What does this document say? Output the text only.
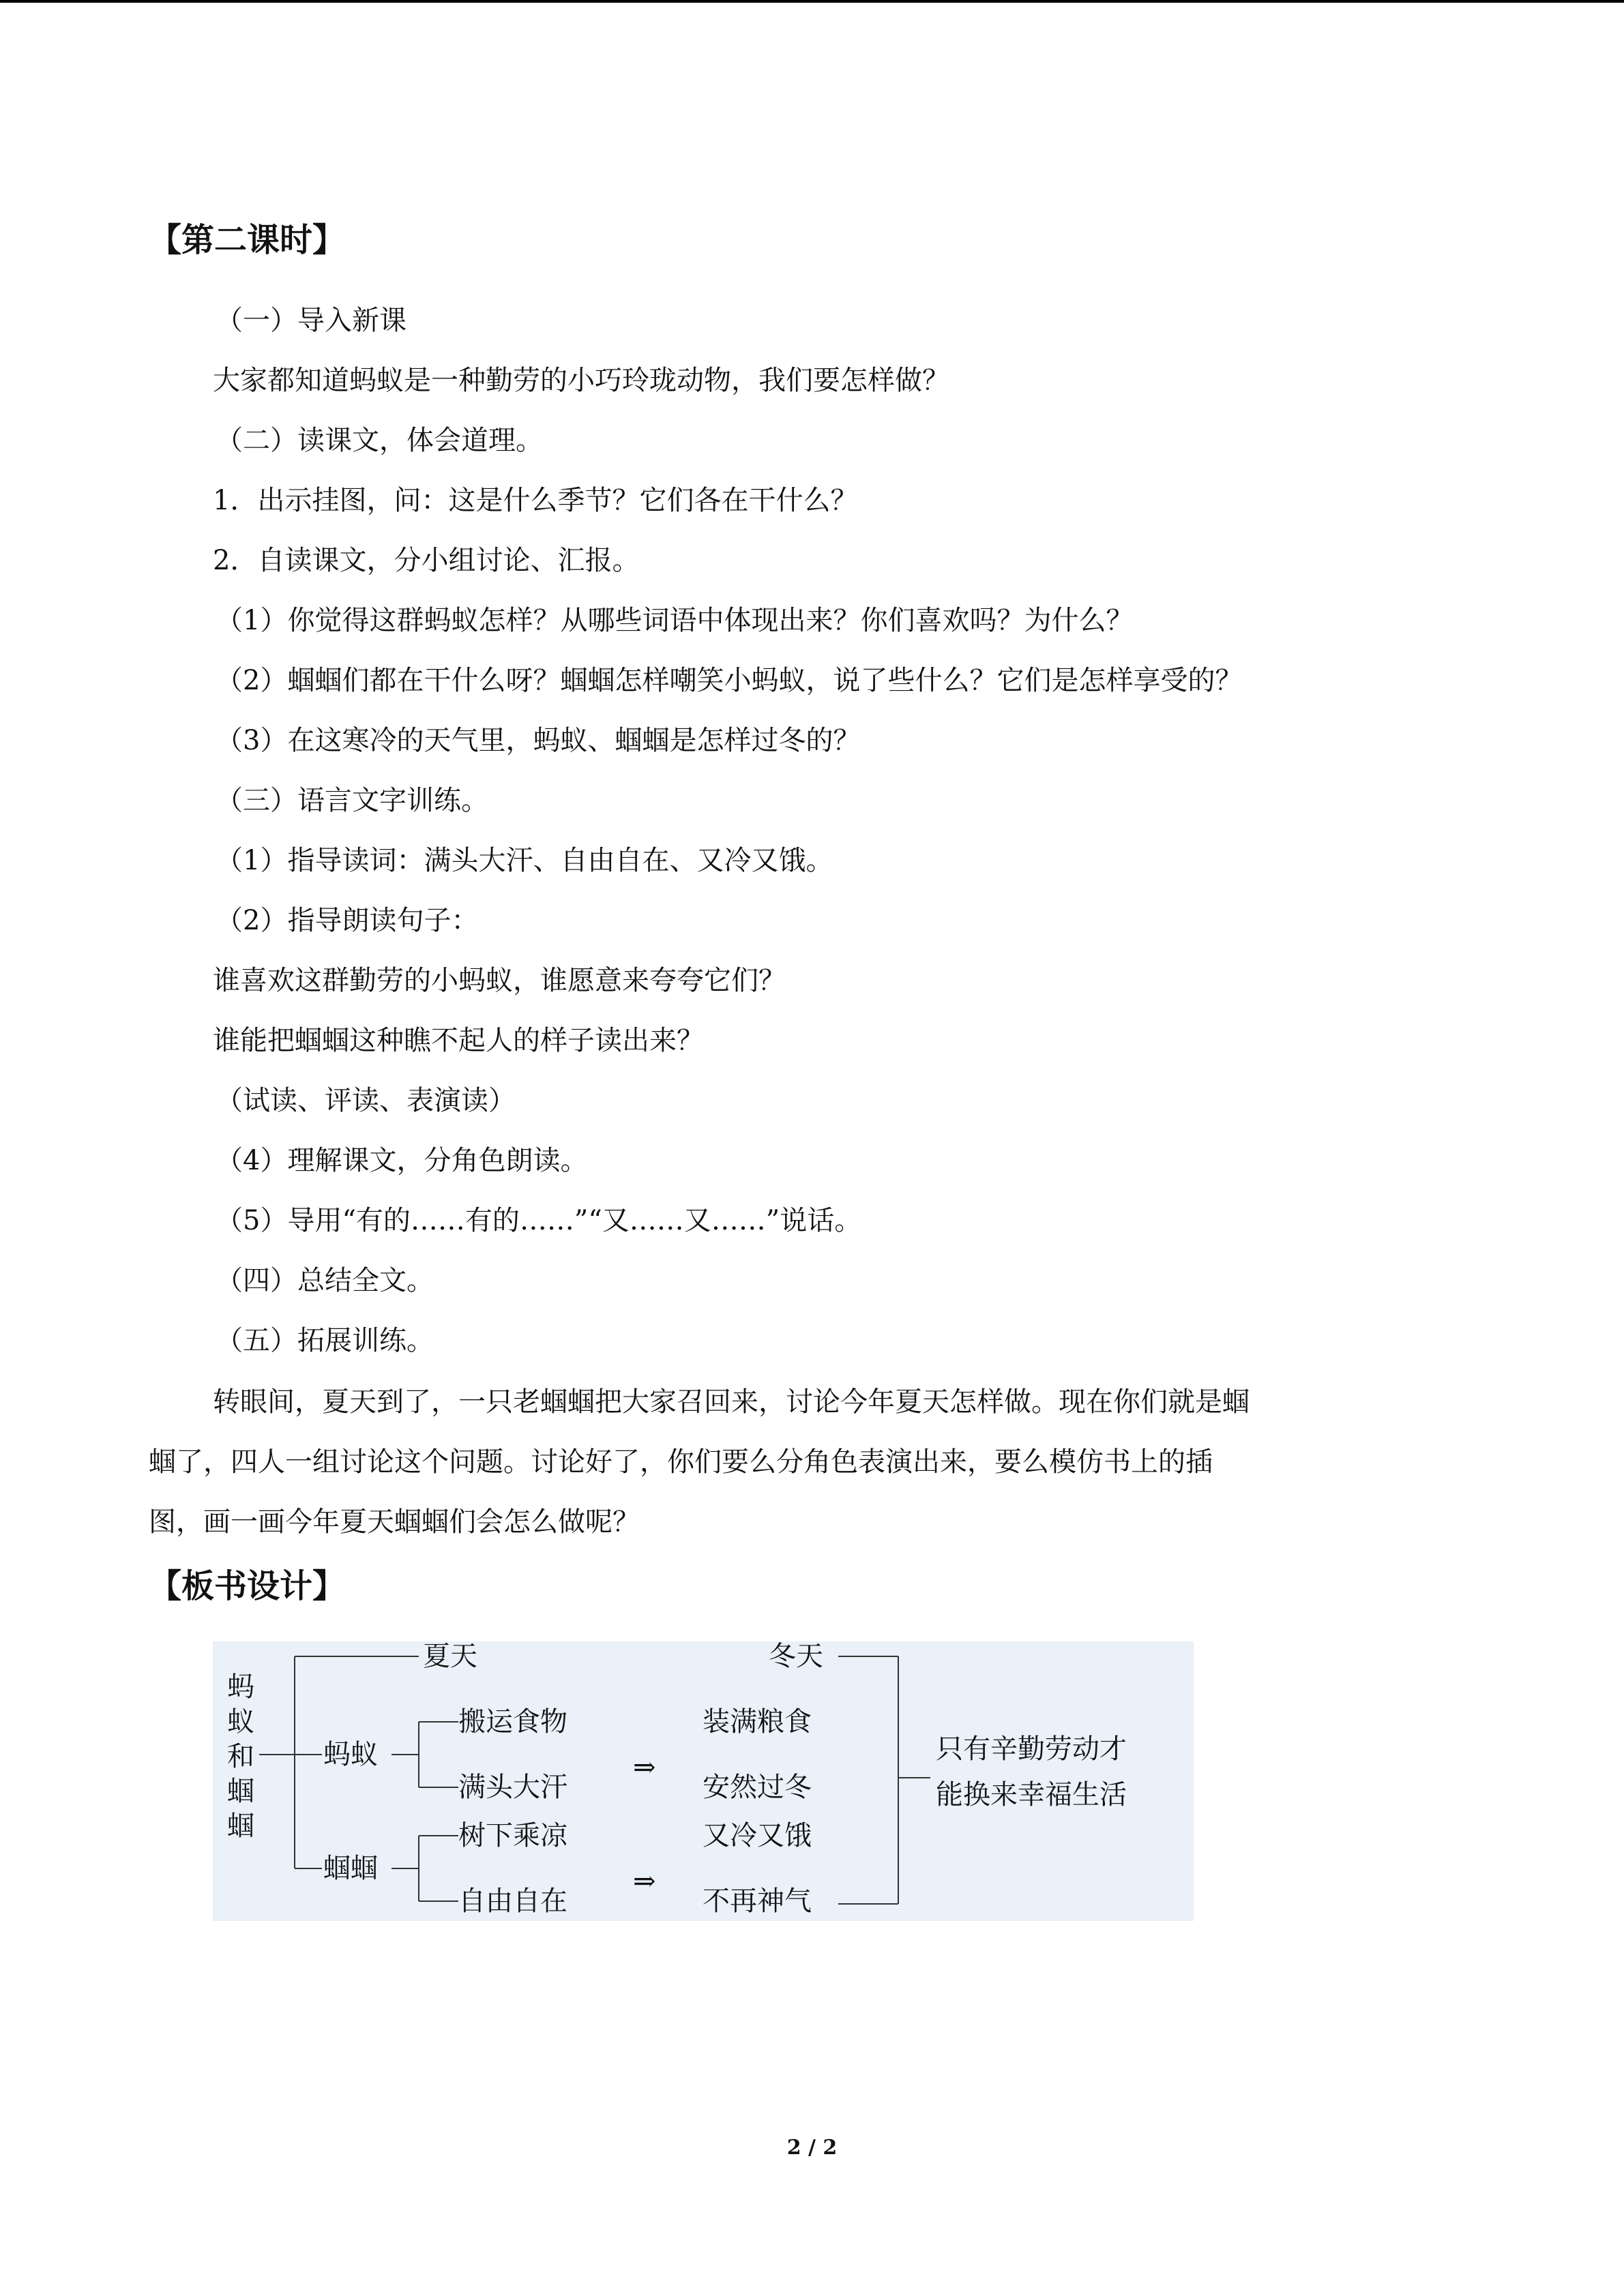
【第二课时】

（一）导入新课

大家都知道蚂蚁是一种勤劳的小巧玲珑动物，我们要怎样做？

（二）读课文，体会道理。

1．出示挂图，问：这是什么季节？它们各在干什么？

2．自读课文，分小组讨论、汇报。

（1）你觉得这群蚂蚁怎样？从哪些词语中体现出来？你们喜欢吗？为什么？

（2）蝈蝈们都在干什么呀？蝈蝈怎样嘲笑小蚂蚁，说了些什么？它们是怎样享受的？

（3）在这寒冷的天气里，蚂蚁、蝈蝈是怎样过冬的？

（三）语言文字训练。

（1）指导读词：满头大汗、自由自在、又冷又饿。

（2）指导朗读句子：

谁喜欢这群勤劳的小蚂蚁，谁愿意来夸夸它们？

谁能把蝈蝈这种瞧不起人的样子读出来？

（试读、评读、表演读）

（4）理解课文，分角色朗读。

（5）导用“有的……有的……”“又……又……”说话。

（四）总结全文。

（五）拓展训练。

转眼间，夏天到了，一只老蝈蝈把大家召回来，讨论今年夏天怎样做。现在你们就是蝈

蝈了，四人一组讨论这个问题。讨论好了，你们要么分角色表演出来，要么模仿书上的插

图，画一画今年夏天蝈蝈们会怎么做呢？

【板书设计】
蚂蚁和蝈蝈

夏天	冬天

蚂蚁

蝈蝈

搬运食物

满头大汗

树下乘凉

自由自在

⇒

⇒

装满粮食

安然过冬

又冷又饿

不再神气

只有辛勤劳动才

能换来幸福生活

2 / 2
